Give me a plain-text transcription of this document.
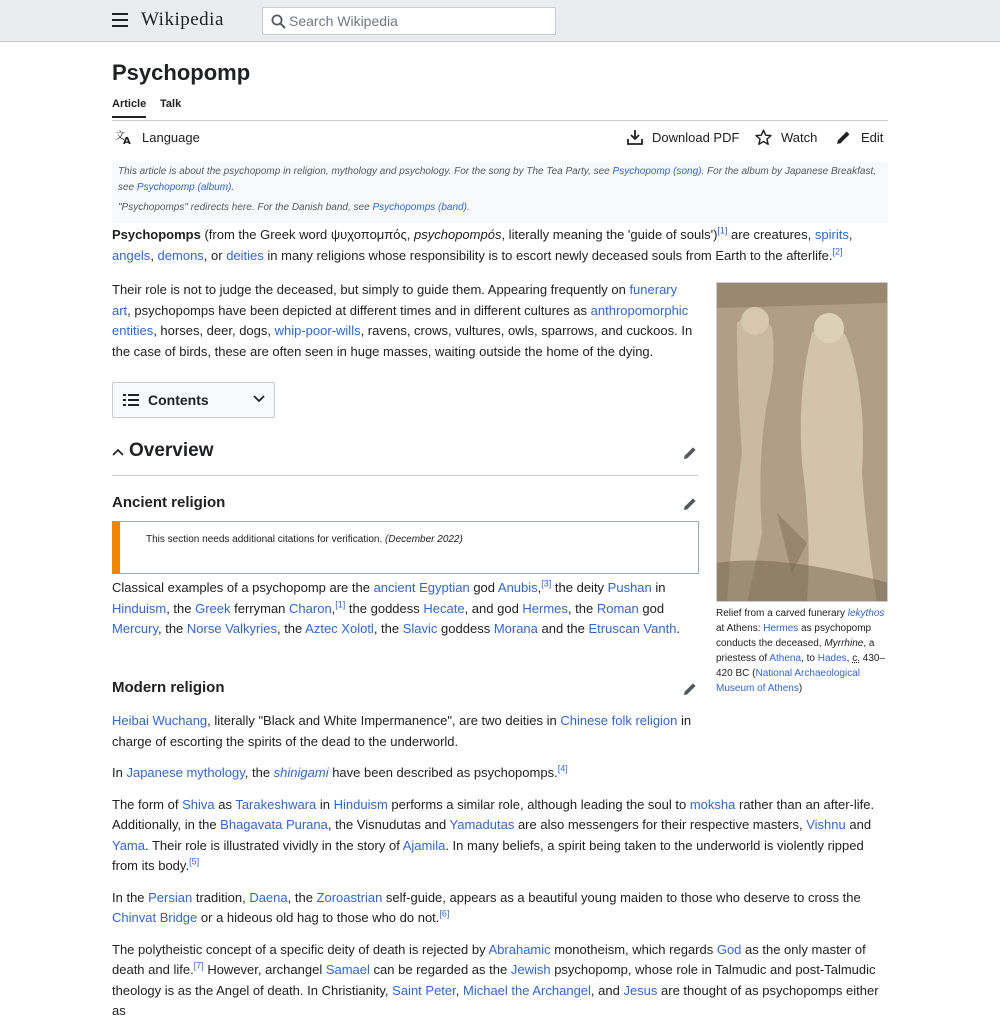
Wikipedia
Search Wikipedia
Psychopomp
Article Talk
文
A Language	Download PDF	Watch	Edit

This article is about the psychopomp in religion, mythology and psychology. For the song by The Tea Party, see Psychopomp (song). For the album by Japanese Breakfast, see Psychopomp (album).

"Psychopomps" redirects here. For the Danish band, see Psychopomps (band).

Psychopomps (from the Greek word ψυχοπομπός, psychopompós, literally meaning the 'guide of souls')[1] are creatures, spirits, angels, demons, or deities in many religions whose responsibility is to escort newly deceased souls from Earth to the afterlife.[2]

Their role is not to judge the deceased, but simply to guide them. Appearing frequently on funerary art, psychopomps have been depicted at different times and in different cultures as anthropomorphic entities, horses, deer, dogs, whip-poor-wills, ravens, crows, vultures, owls, sparrows, and cuckoos. In the case of birds, these are often seen in huge masses, waiting outside the home of the dying.

Contents
Relief from a carved funerary lekythos at Athens: Hermes as psychopomp conducts the deceased, Myrrhine, a priestess of Athena, to Hades, c. 430–420 BC (National Archaeological Museum of Athens)
Overview
Ancient religion
This section needs additional citations for verification. (December 2022)

Classical examples of a psychopomp are the ancient Egyptian god Anubis,[3] the deity Pushan in Hinduism, the Greek ferryman Charon,[1] the goddess Hecate, and god Hermes, the Roman god Mercury, the Norse Valkyries, the Aztec Xolotl, the Slavic goddess Morana and the Etruscan Vanth.

Modern religion

Heibai Wuchang, literally "Black and White Impermanence", are two deities in Chinese folk religion in charge of escorting the spirits of the dead to the underworld.

In Japanese mythology, the shinigami have been described as psychopomps.[4]

The form of Shiva as Tarakeshwara in Hinduism performs a similar role, although leading the soul to moksha rather than an after-life. Additionally, in the Bhagavata Purana, the Visnudutas and Yamadutas are also messengers for their respective masters, Vishnu and Yama. Their role is illustrated vividly in the story of Ajamila. In many beliefs, a spirit being taken to the underworld is violently ripped from its body.[5]

In the Persian tradition, Daena, the Zoroastrian self-guide, appears as a beautiful young maiden to those who deserve to cross the Chinvat Bridge or a hideous old hag to those who do not.[6]

The polytheistic concept of a specific deity of death is rejected by Abrahamic monotheism, which regards God as the only master of death and life.[7] However, archangel Samael can be regarded as the Jewish psychopomp, whose role in Talmudic and post-Talmudic theology is as the Angel of death. In Christianity, Saint Peter, Michael the Archangel, and Jesus are thought of as psychopomps either as
